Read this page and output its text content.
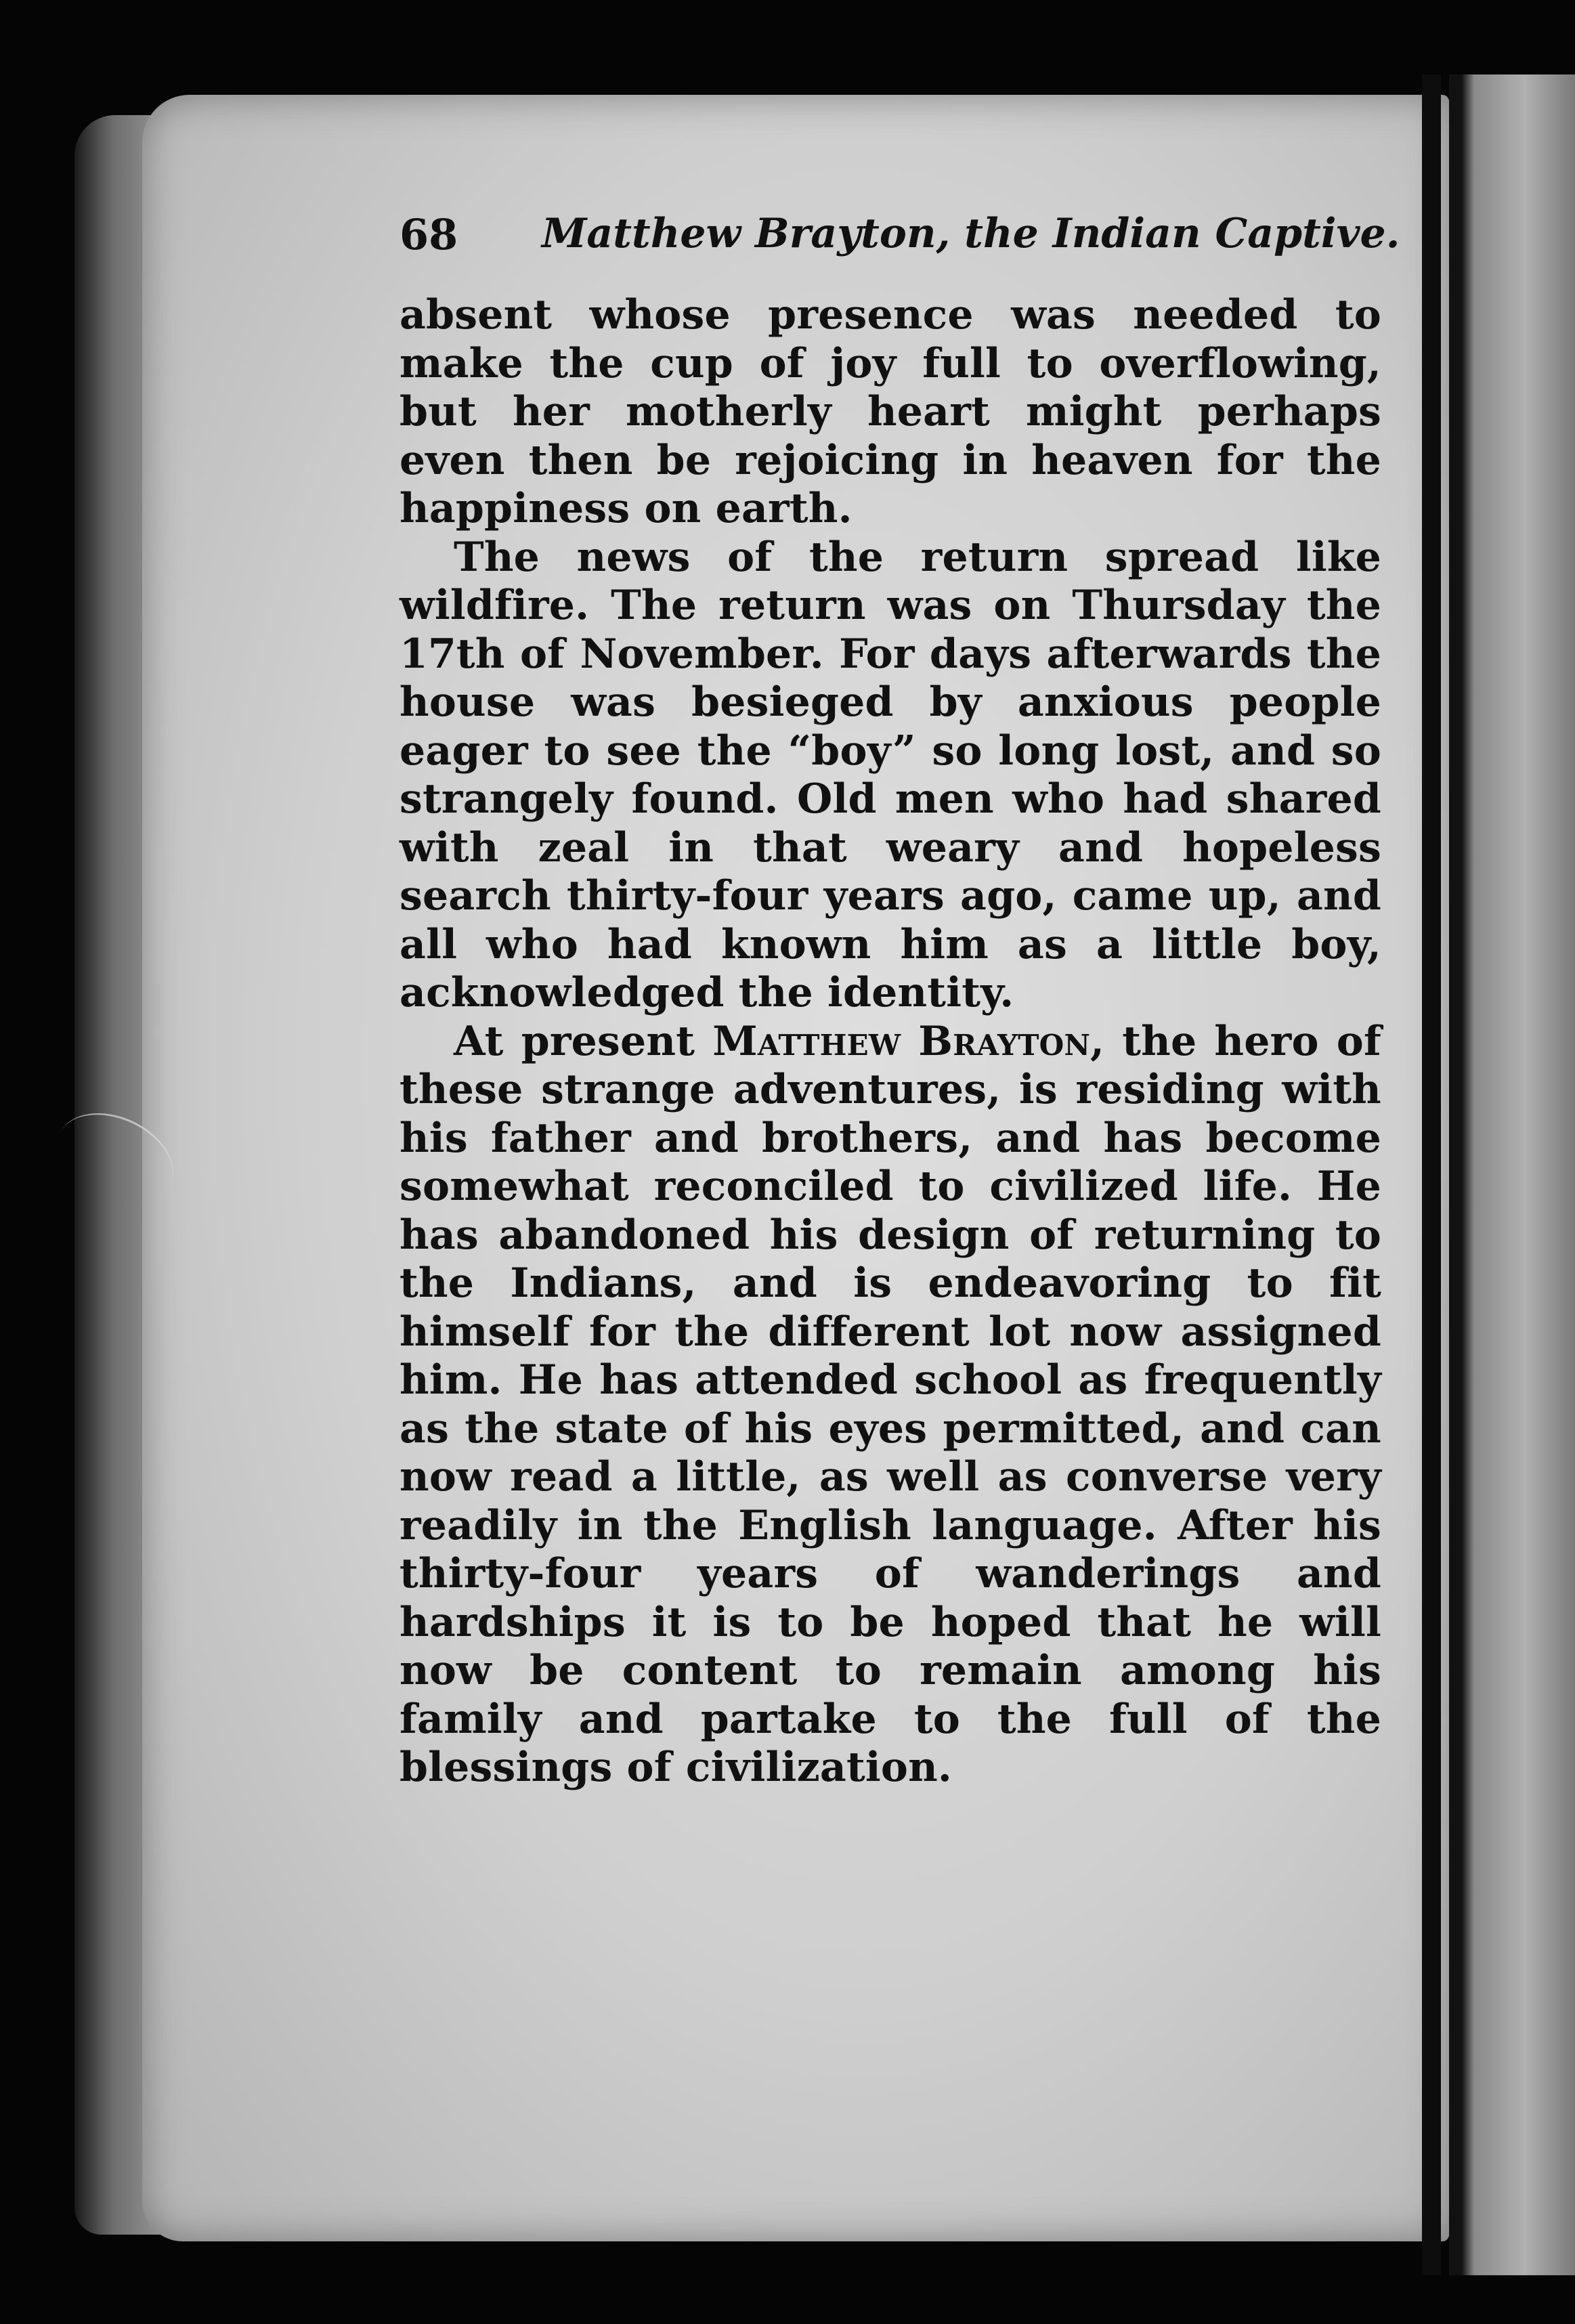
68 Matthew Brayton, the Indian Captive.

absent whose presence was needed to make the cup of joy full to overflowing, but her motherly heart might perhaps even then be rejoicing in heaven for the happiness on earth.

The news of the return spread like wildfire. The return was on Thursday the 17th of November. For days afterwards the house was besieged by anxious people eager to see the “boy” so long lost, and so strangely found. Old men who had shared with zeal in that weary and hopeless search thirty-four years ago, came up, and all who had known him as a little boy, acknowledged the identity.

At present Matthew Brayton, the hero of these strange adventures, is residing with his father and brothers, and has become somewhat reconciled to civilized life. He has abandoned his design of returning to the Indians, and is endeavoring to fit himself for the different lot now assigned him. He has attended school as frequently as the state of his eyes permitted, and can now read a little, as well as converse very readily in the English language. After his thirty-four years of wanderings and hardships it is to be hoped that he will now be content to remain among his family and partake to the full of the blessings of civilization.
